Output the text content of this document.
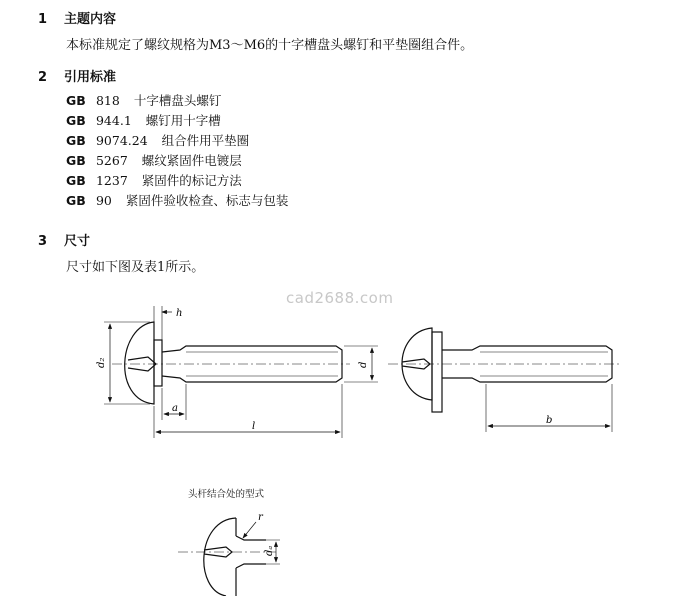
1 主题内容
本标准规定了螺纹规格为M3～M6的十字槽盘头螺钉和平垫圈组合件。
2 引用标准
GB 818 十字槽盘头螺钉
GB 944.1 螺钉用十字槽
GB 9074.24 组合件用平垫圈
GB 5267 螺纹紧固件电镀层
GB 1237 紧固件的标记方法
GB 90 紧固件验收检查、标志与包装
3 尺寸
尺寸如下图及表1所示。
cad2688.com
h
d₂	d
a
l
b
dₐ
r
头杆结合处的型式
